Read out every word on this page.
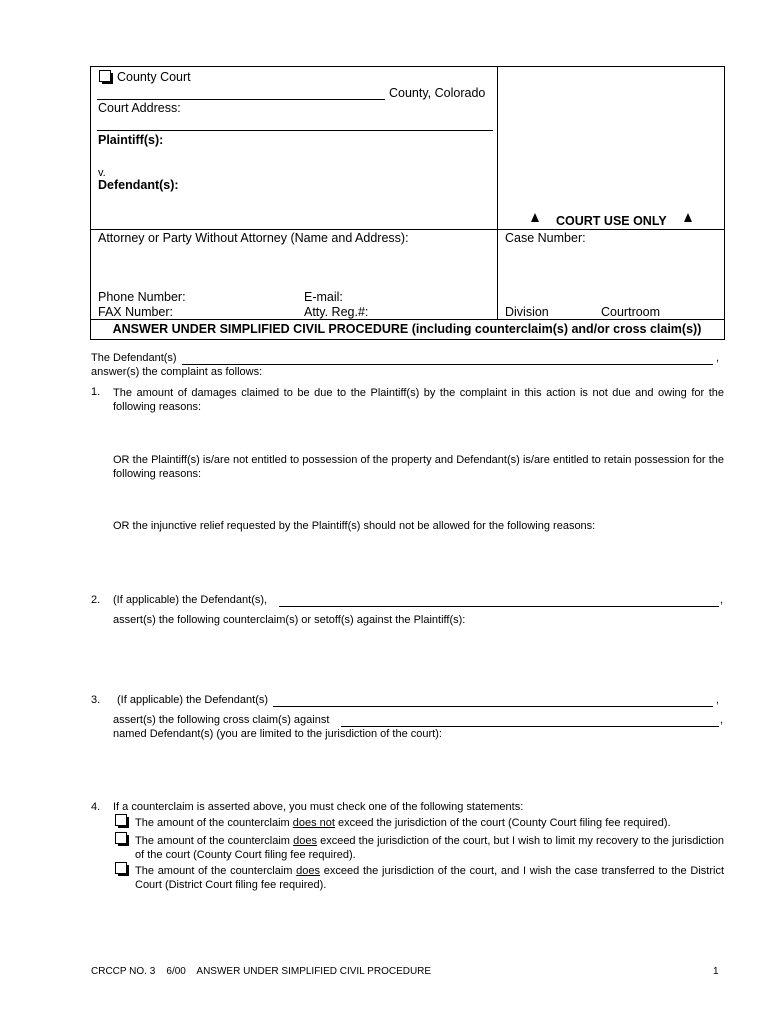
County Court
County, Colorado
Court Address:
Plaintiff(s):
v.
Defendant(s):
COURT USE ONLY
Attorney or Party Without Attorney (Name and Address):	Case Number:
Phone Number:	E-mail:
FAX Number:	Atty. Reg.#:	Division	Courtroom
ANSWER UNDER SIMPLIFIED CIVIL PROCEDURE (including counterclaim(s) and/or cross claim(s))
The Defendant(s)	,
answer(s) the complaint as follows:
1. The amount of damages claimed to be due to the Plaintiff(s) by the complaint in this action is not due and owing for the following reasons:
OR the Plaintiff(s) is/are not entitled to possession of the property and Defendant(s) is/are entitled to retain possession for the following reasons:
OR the injunctive relief requested by the Plaintiff(s) should not be allowed for the following reasons:
2. (If applicable) the Defendant(s),	,
assert(s) the following counterclaim(s) or setoff(s) against the Plaintiff(s):
3. (If applicable) the Defendant(s)	,
assert(s) the following cross claim(s) against	,
named Defendant(s) (you are limited to the jurisdiction of the court):
4. If a counterclaim is asserted above, you must check one of the following statements:
The amount of the counterclaim does not exceed the jurisdiction of the court (County Court filing fee required).
The amount of the counterclaim does exceed the jurisdiction of the court, but I wish to limit my recovery to the jurisdiction of the court (County Court filing fee required).
The amount of the counterclaim does exceed the jurisdiction of the court, and I wish the case transferred to the District Court (District Court filing fee required).
CRCCP NO. 3    6/00    ANSWER UNDER SIMPLIFIED CIVIL PROCEDURE	1
